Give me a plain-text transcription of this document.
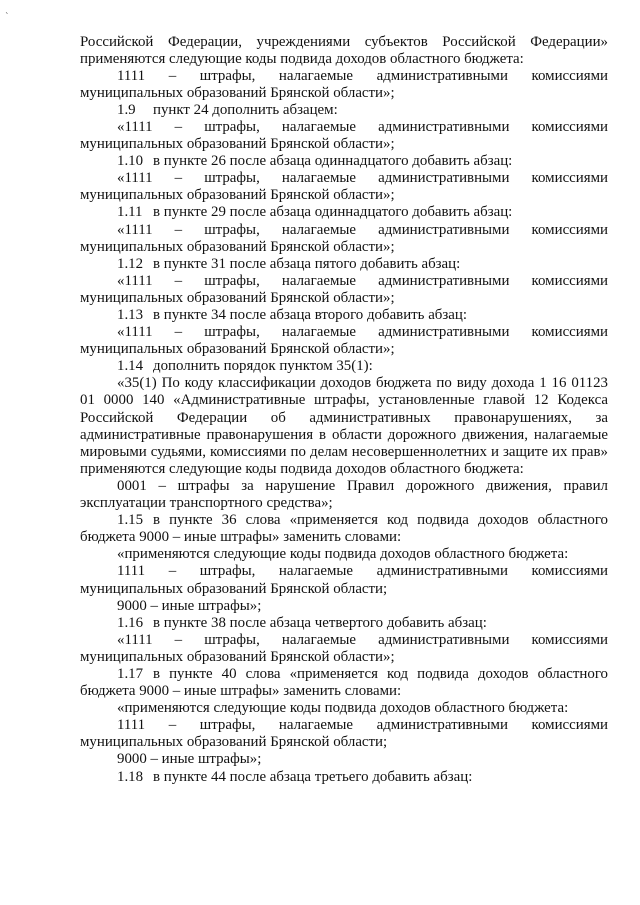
`

Российской Федерации, учреждениями субъектов Российской Федерации» применяются следующие коды подвида доходов областного бюджета:

1111 – штрафы, налагаемые административными комиссиями муниципальных образований Брянской области»;

1.9 пункт 24 дополнить абзацем:

«1111 – штрафы, налагаемые административными комиссиями муниципальных образований Брянской области»;

1.10 в пункте 26 после абзаца одиннадцатого добавить абзац:

«1111 – штрафы, налагаемые административными комиссиями муниципальных образований Брянской области»;

1.11 в пункте 29 после абзаца одиннадцатого добавить абзац:

«1111 – штрафы, налагаемые административными комиссиями муниципальных образований Брянской области»;

1.12 в пункте 31 после абзаца пятого добавить абзац:

«1111 – штрафы, налагаемые административными комиссиями муниципальных образований Брянской области»;

1.13 в пункте 34 после абзаца второго добавить абзац:

«1111 – штрафы, налагаемые административными комиссиями муниципальных образований Брянской области»;

1.14 дополнить порядок пунктом 35(1):

«35(1) По коду классификации доходов бюджета по виду дохода 1 16 01123 01 0000 140 «Административные штрафы, установленные главой 12 Кодекса Российской Федерации об административных правонарушениях, за административные правонарушения в области дорожного движения, налагаемые мировыми судьями, комиссиями по делам несовершеннолетних и защите их прав» применяются следующие коды подвида доходов областного бюджета:

0001 – штрафы за нарушение Правил дорожного движения, правил эксплуатации транспортного средства»;

1.15 в пункте 36 слова «применяется код подвида доходов областного бюджета 9000 – иные штрафы» заменить словами:

«применяются следующие коды подвида доходов областного бюджета:

1111 – штрафы, налагаемые административными комиссиями муниципальных образований Брянской области;

9000 – иные штрафы»;

1.16 в пункте 38 после абзаца четвертого добавить абзац:

«1111 – штрафы, налагаемые административными комиссиями муниципальных образований Брянской области»;

1.17 в пункте 40 слова «применяется код подвида доходов областного бюджета 9000 – иные штрафы» заменить словами:

«применяются следующие коды подвида доходов областного бюджета:

1111 – штрафы, налагаемые административными комиссиями муниципальных образований Брянской области;

9000 – иные штрафы»;

1.18 в пункте 44 после абзаца третьего добавить абзац:
